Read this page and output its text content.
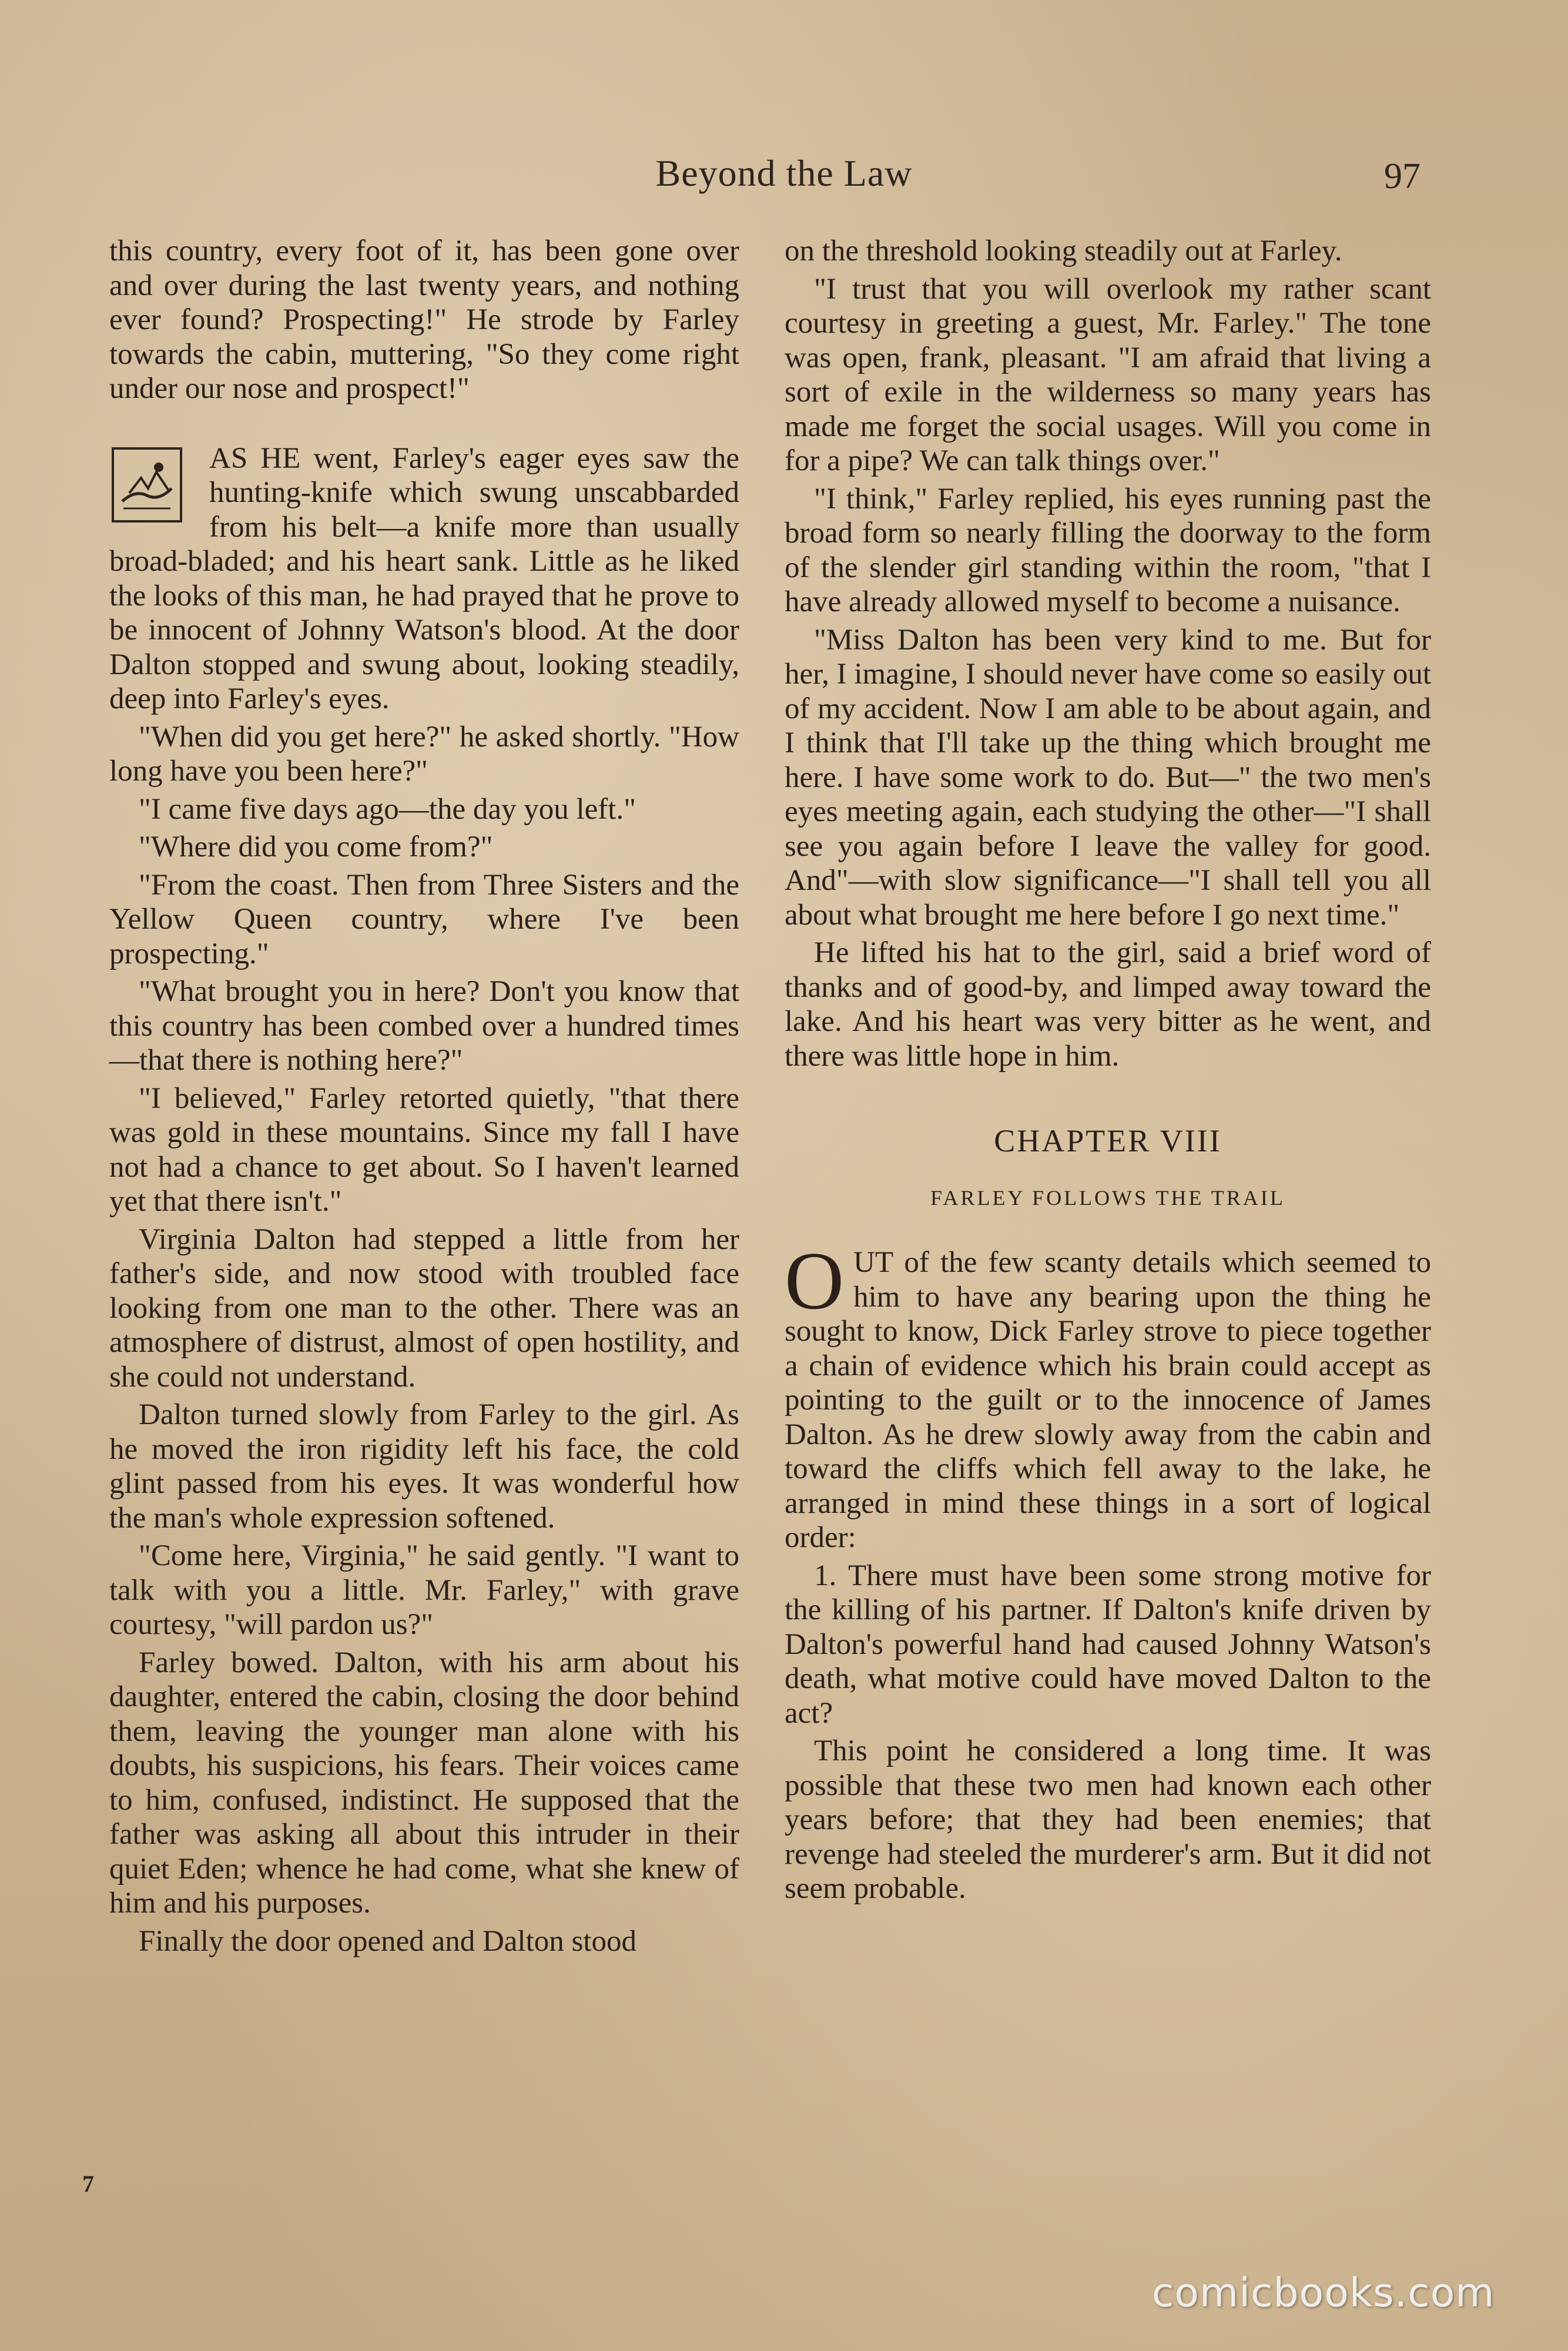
Beyond the Law	97

this country, every foot of it, has been gone over and over during the last twenty years, and nothing ever found? Prospecting!" He strode by Farley towards the cabin, muttering, "So they come right under our nose and prospect!"

AS HE went, Farley's eager eyes saw the hunting-knife which swung unscabbarded from his belt—a knife more than usually broad-bladed; and his heart sank. Little as he liked the looks of this man, he had prayed that he prove to be innocent of Johnny Watson's blood. At the door Dalton stopped and swung about, looking steadily, deep into Farley's eyes.

"When did you get here?" he asked shortly. "How long have you been here?"

"I came five days ago—the day you left."

"Where did you come from?"

"From the coast. Then from Three Sisters and the Yellow Queen country, where I've been prospecting."

"What brought you in here? Don't you know that this country has been combed over a hundred times—that there is nothing here?"

"I believed," Farley retorted quietly, "that there was gold in these mountains. Since my fall I have not had a chance to get about. So I haven't learned yet that there isn't."

Virginia Dalton had stepped a little from her father's side, and now stood with troubled face looking from one man to the other. There was an atmosphere of distrust, almost of open hostility, and she could not understand.

Dalton turned slowly from Farley to the girl. As he moved the iron rigidity left his face, the cold glint passed from his eyes. It was wonderful how the man's whole expression softened.

"Come here, Virginia," he said gently. "I want to talk with you a little. Mr. Farley," with grave courtesy, "will pardon us?"

Farley bowed. Dalton, with his arm about his daughter, entered the cabin, closing the door behind them, leaving the younger man alone with his doubts, his suspicions, his fears. Their voices came to him, confused, indistinct. He supposed that the father was asking all about this intruder in their quiet Eden; whence he had come, what she knew of him and his purposes.

Finally the door opened and Dalton stood

on the threshold looking steadily out at Farley.

"I trust that you will overlook my rather scant courtesy in greeting a guest, Mr. Farley." The tone was open, frank, pleasant. "I am afraid that living a sort of exile in the wilderness so many years has made me forget the social usages. Will you come in for a pipe? We can talk things over."

"I think," Farley replied, his eyes running past the broad form so nearly filling the doorway to the form of the slender girl standing within the room, "that I have already allowed myself to become a nuisance.

"Miss Dalton has been very kind to me. But for her, I imagine, I should never have come so easily out of my accident. Now I am able to be about again, and I think that I'll take up the thing which brought me here. I have some work to do. But—" the two men's eyes meeting again, each studying the other—"I shall see you again before I leave the valley for good. And"—with slow significance—"I shall tell you all about what brought me here before I go next time."

He lifted his hat to the girl, said a brief word of thanks and of good-by, and limped away toward the lake. And his heart was very bitter as he went, and there was little hope in him.

CHAPTER VIII
FARLEY FOLLOWS THE TRAIL
O UT of the few scanty details which seemed to him to have any bearing upon the thing he sought to know, Dick Farley strove to piece together a chain of evidence which his brain could accept as pointing to the guilt or to the innocence of James Dalton. As he drew slowly away from the cabin and toward the cliffs which fell away to the lake, he arranged in mind these things in a sort of logical order:

1. There must have been some strong motive for the killing of his partner. If Dalton's knife driven by Dalton's powerful hand had caused Johnny Watson's death, what motive could have moved Dalton to the act?

This point he considered a long time. It was possible that these two men had known each other years before; that they had been enemies; that revenge had steeled the murderer's arm. But it did not seem probable.

7
comicbooks.com
